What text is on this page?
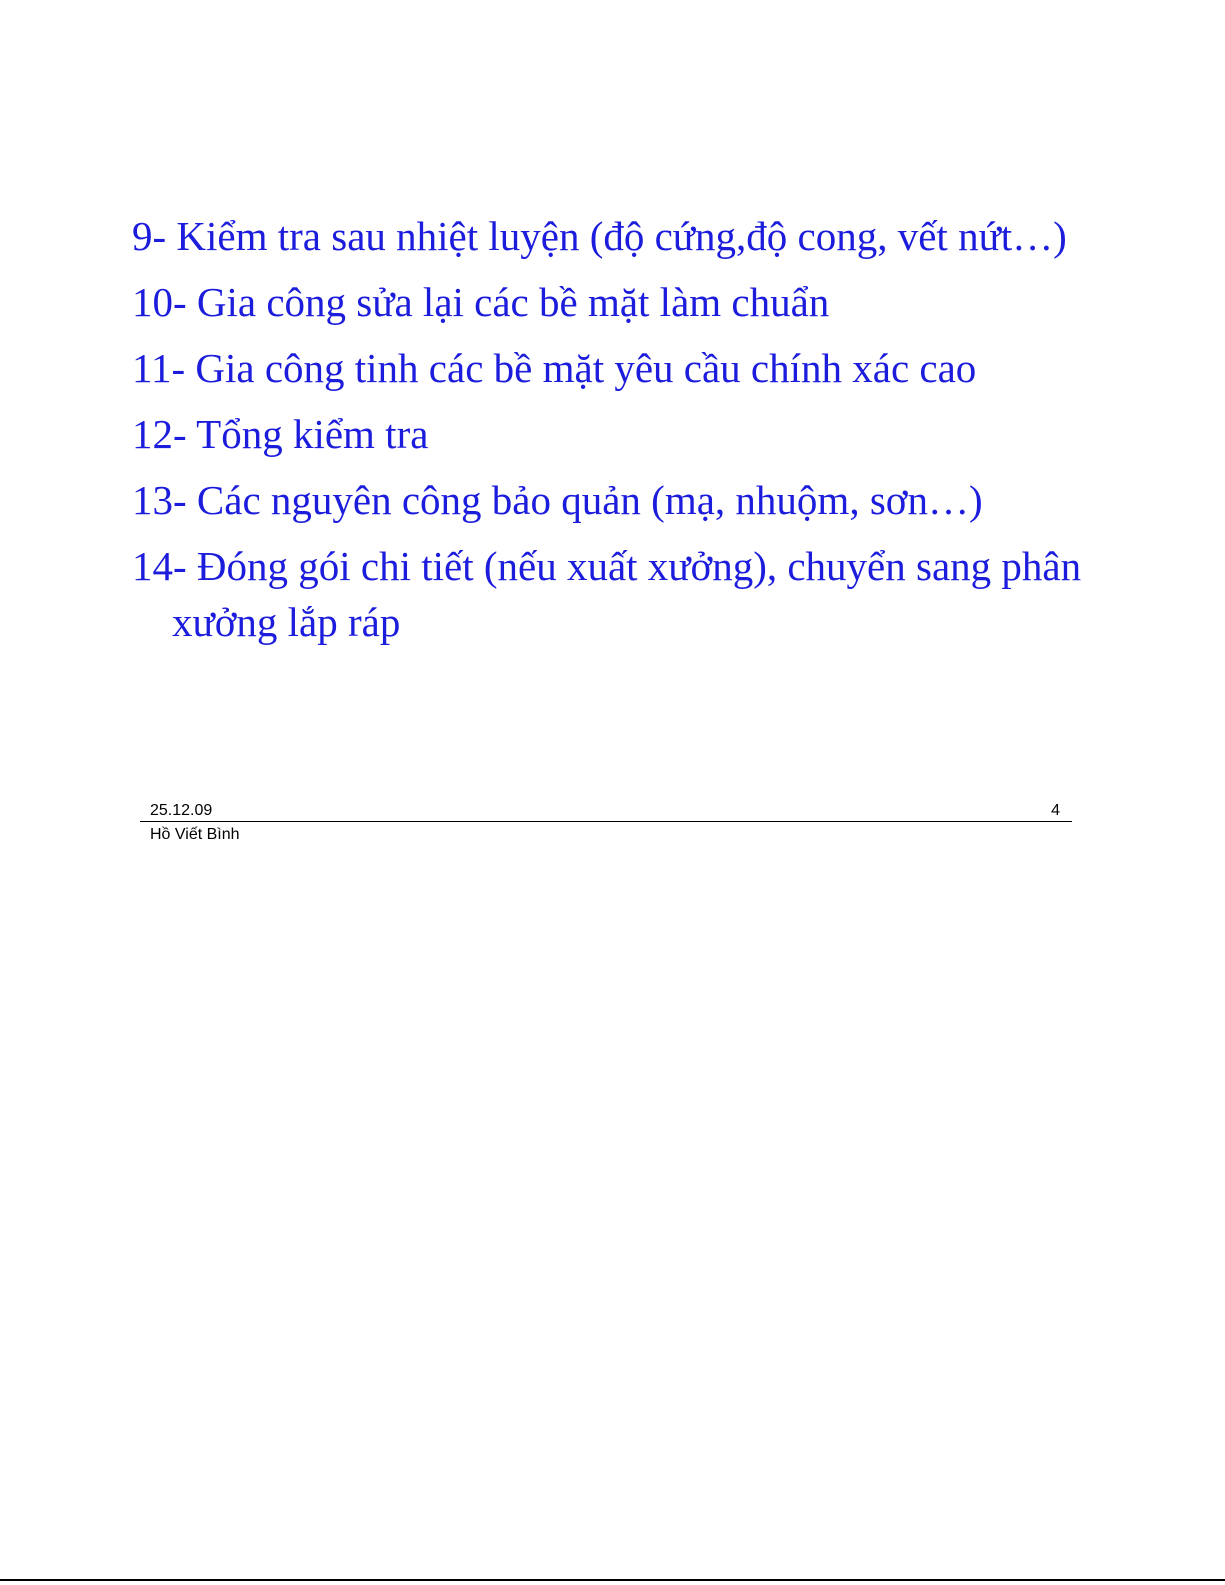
9- Kiểm tra sau nhiệt luyện (độ cứng,độ cong, vết nứt…)
10- Gia công sửa lại các bề mặt làm chuẩn
11- Gia công tinh các bề mặt yêu cầu chính xác cao
12- Tổng kiểm tra
13- Các nguyên công bảo quản (mạ, nhuộm, sơn…)
14- Đóng gói chi tiết (nếu xuất xưởng), chuyển sang phân xưởng lắp ráp
25.12.09	4
Hồ Viết Bình
